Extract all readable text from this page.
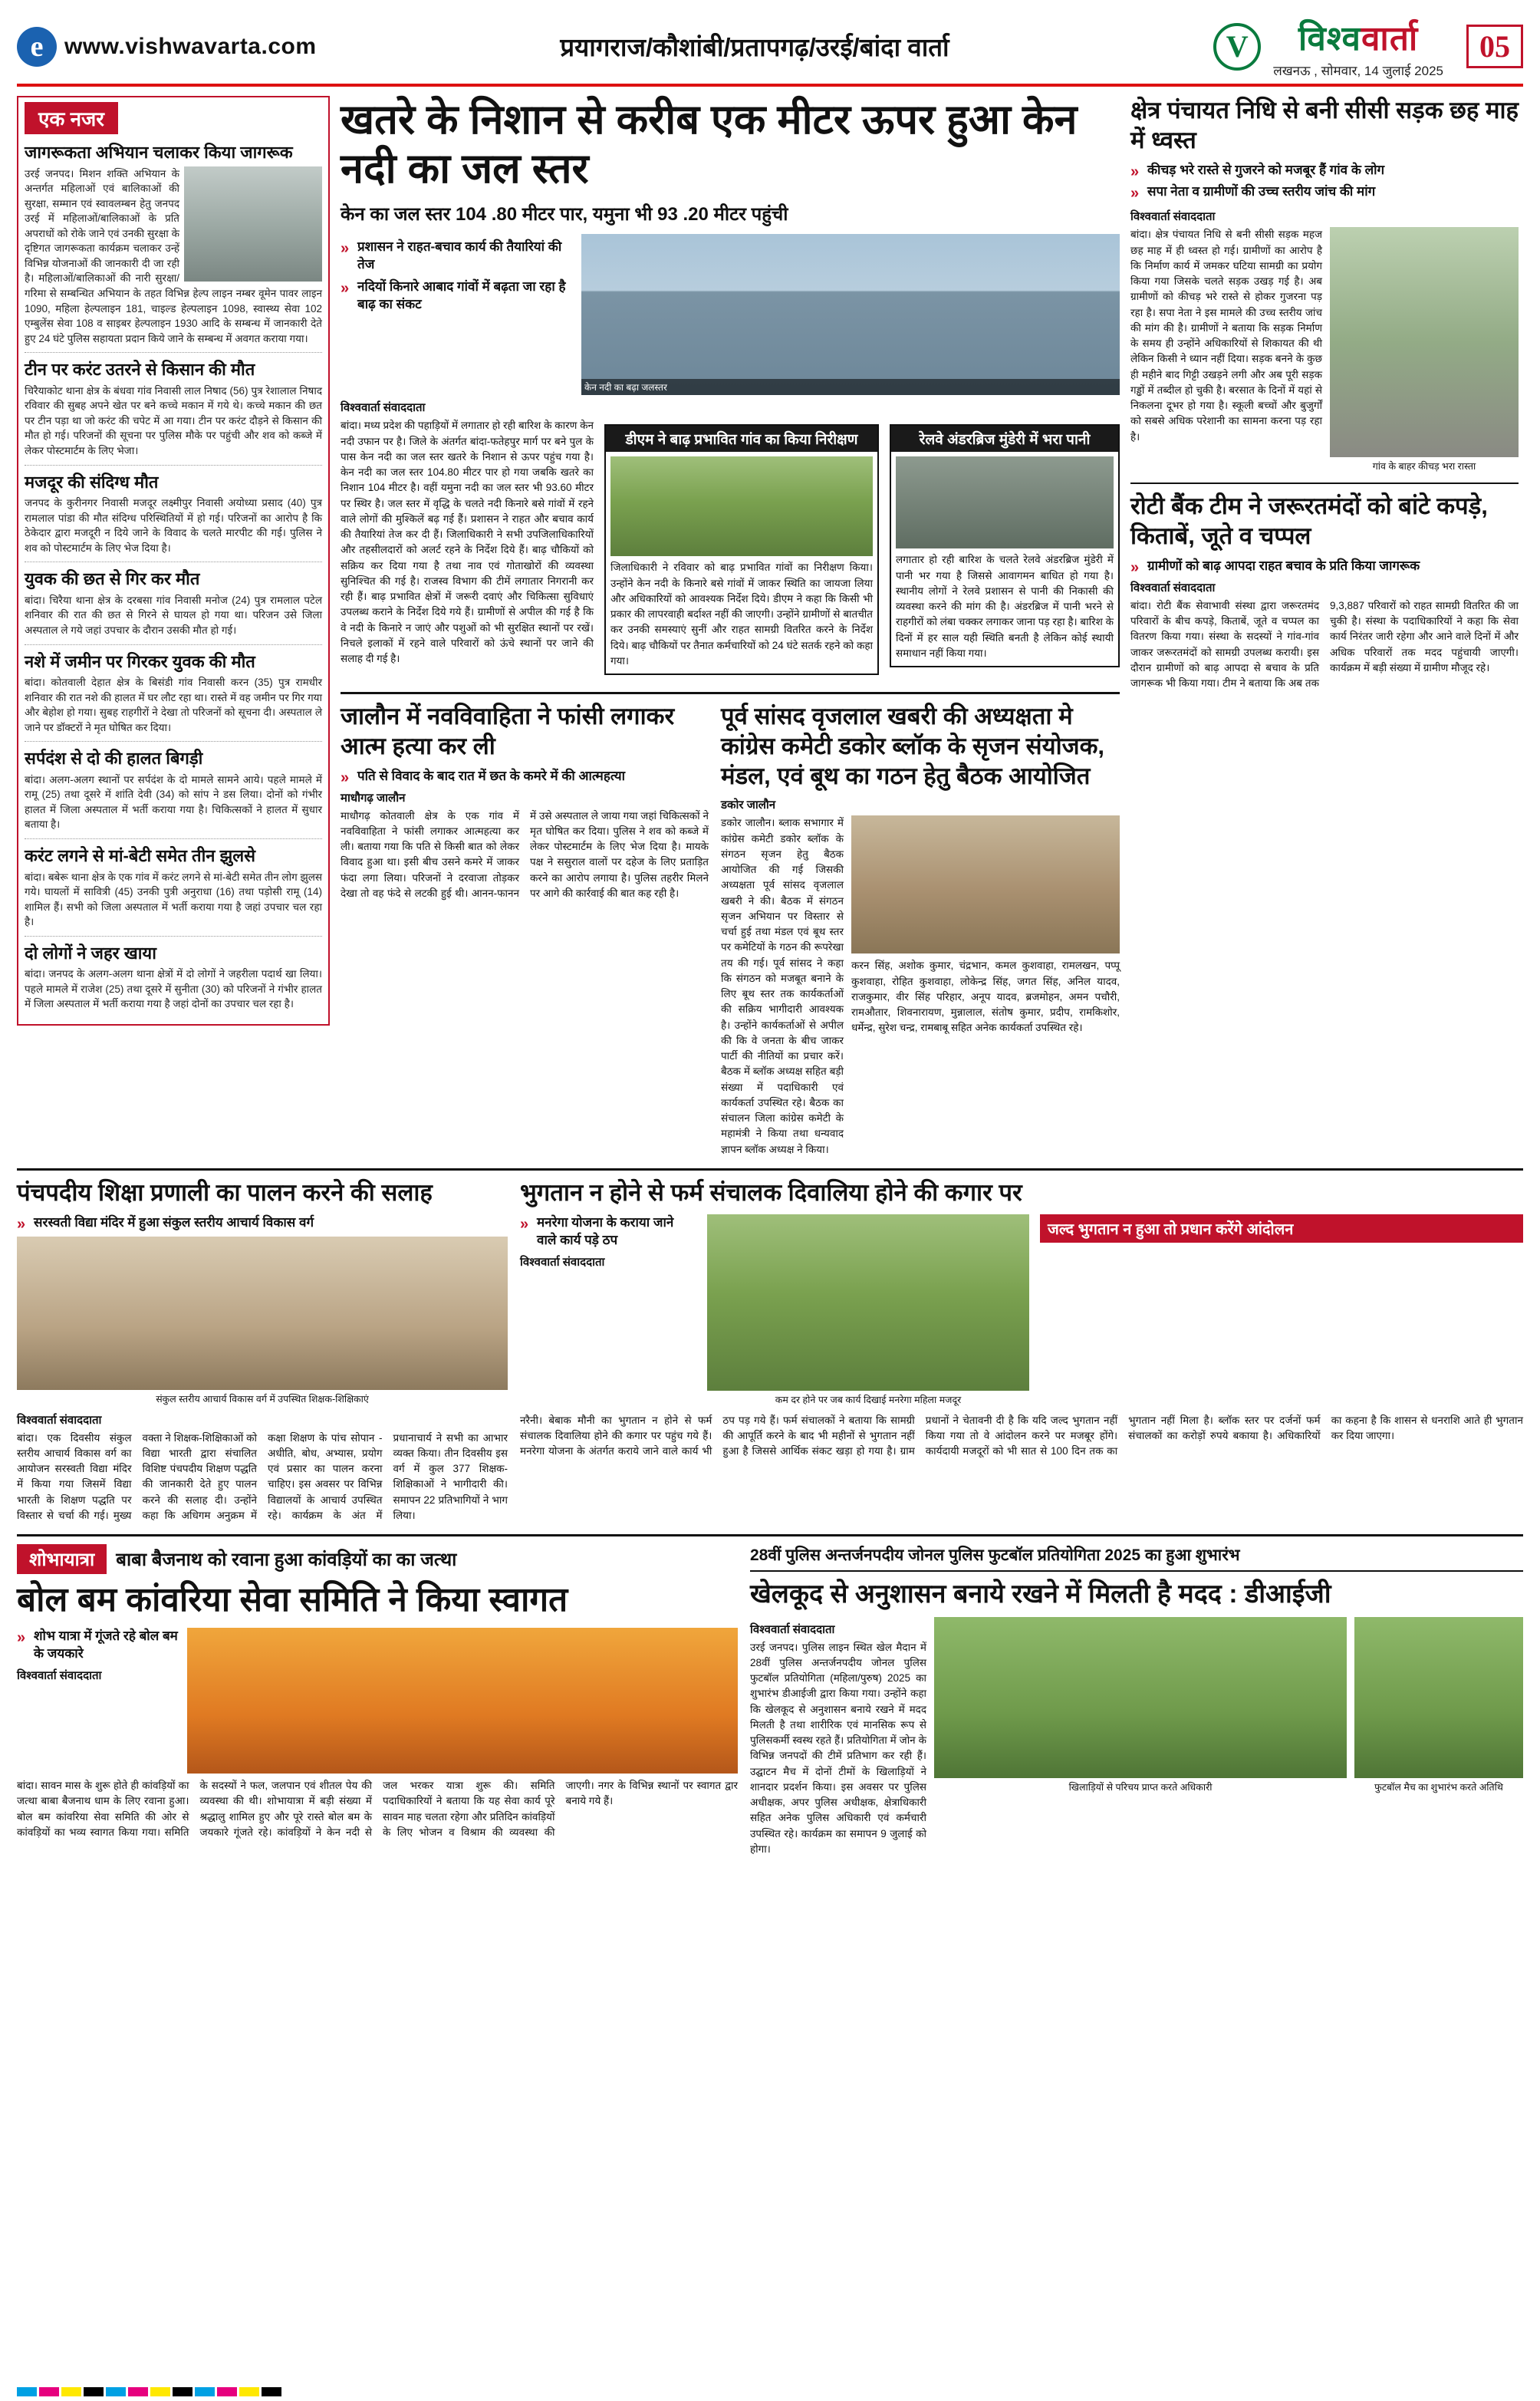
e www.vishwavarta.com	प्रयागराज/कौशांबी/प्रतापगढ़/उरई/बांदा वार्ता	V	विश्ववार्ता
लखनऊ , सोमवार, 14 जुलाई 2025
05
एक नजर
जागरूकता अभियान चलाकर किया जागरूक
उरई जनपद। मिशन शक्ति अभियान के अन्तर्गत महिलाओं एवं बालिकाओं की सुरक्षा, सम्मान एवं स्वावलम्बन हेतु जनपद उरई में महिलाओं/बालिकाओं के प्रति अपराधों को रोके जाने एवं उनकी सुरक्षा के दृष्टिगत जागरूकता कार्यक्रम चलाकर उन्हें विभिन्न योजनाओं की जानकारी दी जा रही है। महिलाओं/बालिकाओं की नारी सुरक्षा/गरिमा से सम्बन्धित अभियान के तहत विभिन्न हेल्प लाइन नम्बर वूमेन पावर लाइन 1090, महिला हेल्पलाइन 181, चाइल्ड हेल्पलाइन 1098, स्वास्थ्य सेवा 102 एम्बुलेंस सेवा 108 व साइबर हेल्पलाइन 1930 आदि के सम्बन्ध में जानकारी देते हुए 24 घंटे पुलिस सहायता प्रदान किये जाने के सम्बन्ध में अवगत कराया गया।
टीन पर करंट उतरने से किसान की मौत
चिरैयाकोट थाना क्षेत्र के बंधवा गांव निवासी लाल निषाद (56) पुत्र रेशालाल निषाद रविवार की सुबह अपने खेत पर बने कच्चे मकान में गये थे। कच्चे मकान की छत पर टीन पड़ा था जो करंट की चपेट में आ गया। टीन पर करंट दौड़ने से किसान की मौत हो गई। परिजनों की सूचना पर पुलिस मौके पर पहुंची और शव को कब्जे में लेकर पोस्टमार्टम के लिए भेजा।
मजदूर की संदिग्ध मौत
जनपद के कुरीनगर निवासी मजदूर लक्ष्मीपुर निवासी अयोध्या प्रसाद (40) पुत्र रामलाल पांडा की मौत संदिग्ध परिस्थितियों में हो गई। परिजनों का आरोप है कि ठेकेदार द्वारा मजदूरी न दिये जाने के विवाद के चलते मारपीट की गई। पुलिस ने शव को पोस्टमार्टम के लिए भेज दिया है।
युवक की छत से गिर कर मौत
बांदा। चिरैया थाना क्षेत्र के दरबसा गांव निवासी मनोज (24) पुत्र रामलाल पटेल शनिवार की रात की छत से गिरने से घायल हो गया था। परिजन उसे जिला अस्पताल ले गये जहां उपचार के दौरान उसकी मौत हो गई।
नशे में जमीन पर गिरकर युवक की मौत
बांदा। कोतवाली देहात क्षेत्र के बिसंडी गांव निवासी करन (35) पुत्र रामधीर शनिवार की रात नशे की हालत में घर लौट रहा था। रास्ते में वह जमीन पर गिर गया और बेहोश हो गया। सुबह राहगीरों ने देखा तो परिजनों को सूचना दी। अस्पताल ले जाने पर डॉक्टरों ने मृत घोषित कर दिया।
सर्पदंश से दो की हालत बिगड़ी
बांदा। अलग-अलग स्थानों पर सर्पदंश के दो मामले सामने आये। पहले मामले में रामू (25) तथा दूसरे में शांति देवी (34) को सांप ने डस लिया। दोनों को गंभीर हालत में जिला अस्पताल में भर्ती कराया गया है। चिकित्सकों ने हालत में सुधार बताया है।
करंट लगने से मां-बेटी समेत तीन झुलसे
बांदा। बबेरू थाना क्षेत्र के एक गांव में करंट लगने से मां-बेटी समेत तीन लोग झुलस गये। घायलों में सावित्री (45) उनकी पुत्री अनुराधा (16) तथा पड़ोसी रामू (14) शामिल हैं। सभी को जिला अस्पताल में भर्ती कराया गया है जहां उपचार चल रहा है।
दो लोगों ने जहर खाया
बांदा। जनपद के अलग-अलग थाना क्षेत्रों में दो लोगों ने जहरीला पदार्थ खा लिया। पहले मामले में राजेश (25) तथा दूसरे में सुनीता (30) को परिजनों ने गंभीर हालत में जिला अस्पताल में भर्ती कराया गया है जहां दोनों का उपचार चल रहा है।
खतरे के निशान से करीब एक मीटर ऊपर हुआ केन नदी का जल स्तर
केन का जल स्तर 104 .80 मीटर पार, यमुना भी 93 .20 मीटर पहुंची
» प्रशासन ने राहत-बचाव कार्य की तैयारियां की तेज
» नदियों किनारे आबाद गांवों में बढ़ता जा रहा है बाढ़ का संकट
केन नदी का बढ़ा जलस्तर
विश्ववार्ता संवाददाता
बांदा। मध्य प्रदेश की पहाड़ियों में लगातार हो रही बारिश के कारण केन नदी उफान पर है। जिले के अंतर्गत बांदा-फतेहपुर मार्ग पर बने पुल के पास केन नदी का जल स्तर खतरे के निशान से ऊपर पहुंच गया है। केन नदी का जल स्तर 104.80 मीटर पार हो गया जबकि खतरे का निशान 104 मीटर है। वहीं यमुना नदी का जल स्तर भी 93.60 मीटर पर स्थिर है। जल स्तर में वृद्धि के चलते नदी किनारे बसे गांवों में रहने वाले लोगों की मुश्किलें बढ़ गई हैं। प्रशासन ने राहत और बचाव कार्य की तैयारियां तेज कर दी हैं। जिलाधिकारी ने सभी उपजिलाधिकारियों और तहसीलदारों को अलर्ट रहने के निर्देश दिये हैं। बाढ़ चौकियों को सक्रिय कर दिया गया है तथा नाव एवं गोताखोरों की व्यवस्था सुनिश्चित की गई है। राजस्व विभाग की टीमें लगातार निगरानी कर रही हैं। बाढ़ प्रभावित क्षेत्रों में जरूरी दवाएं और चिकित्सा सुविधाएं उपलब्ध कराने के निर्देश दिये गये हैं। ग्रामीणों से अपील की गई है कि वे नदी के किनारे न जाएं और पशुओं को भी सुरक्षित स्थानों पर रखें। निचले इलाकों में रहने वाले परिवारों को ऊंचे स्थानों पर जाने की सलाह दी गई है।
डीएम ने बाढ़ प्रभावित गांव का किया निरीक्षण
जिलाधिकारी ने रविवार को बाढ़ प्रभावित गांवों का निरीक्षण किया। उन्होंने केन नदी के किनारे बसे गांवों में जाकर स्थिति का जायजा लिया और अधिकारियों को आवश्यक निर्देश दिये। डीएम ने कहा कि किसी भी प्रकार की लापरवाही बर्दाश्त नहीं की जाएगी। उन्होंने ग्रामीणों से बातचीत कर उनकी समस्याएं सुनीं और राहत सामग्री वितरित करने के निर्देश दिये। बाढ़ चौकियों पर तैनात कर्मचारियों को 24 घंटे सतर्क रहने को कहा गया।
रेलवे अंडरब्रिज मुंडेरी में भरा पानी
लगातार हो रही बारिश के चलते रेलवे अंडरब्रिज मुंडेरी में पानी भर गया है जिससे आवागमन बाधित हो गया है। स्थानीय लोगों ने रेलवे प्रशासन से पानी की निकासी की व्यवस्था करने की मांग की है। अंडरब्रिज में पानी भरने से राहगीरों को लंबा चक्कर लगाकर जाना पड़ रहा है। बारिश के दिनों में हर साल यही स्थिति बनती है लेकिन कोई स्थायी समाधान नहीं किया गया।
जालौन में नवविवाहिता ने फांसी लगाकर आत्म हत्या कर ली
» पति से विवाद के बाद रात में छत के कमरे में की आत्महत्या
माधौगढ़ जालौन
माधौगढ़ कोतवाली क्षेत्र के एक गांव में नवविवाहिता ने फांसी लगाकर आत्महत्या कर ली। बताया गया कि पति से किसी बात को लेकर विवाद हुआ था। इसी बीच उसने कमरे में जाकर फंदा लगा लिया। परिजनों ने दरवाजा तोड़कर देखा तो वह फंदे से लटकी हुई थी। आनन-फानन में उसे अस्पताल ले जाया गया जहां चिकित्सकों ने मृत घोषित कर दिया। पुलिस ने शव को कब्जे में लेकर पोस्टमार्टम के लिए भेज दिया है। मायके पक्ष ने ससुराल वालों पर दहेज के लिए प्रताड़ित करने का आरोप लगाया है। पुलिस तहरीर मिलने पर आगे की कार्रवाई की बात कह रही है।
पूर्व सांसद वृजलाल खबरी की अध्यक्षता मे कांग्रेस कमेटी डकोर ब्लॉक के सृजन संयोजक, मंडल, एवं बूथ का गठन हेतु बैठक आयोजित
डकोर जालौन
डकोर जालौन। ब्लाक सभागार में कांग्रेस कमेटी डकोर ब्लॉक के संगठन सृजन हेतु बैठक आयोजित की गई जिसकी अध्यक्षता पूर्व सांसद वृजलाल खबरी ने की। बैठक में संगठन सृजन अभियान पर विस्तार से चर्चा हुई तथा मंडल एवं बूथ स्तर पर कमेटियों के गठन की रूपरेखा तय की गई। पूर्व सांसद ने कहा कि संगठन को मजबूत बनाने के लिए बूथ स्तर तक कार्यकर्ताओं की सक्रिय भागीदारी आवश्यक है। उन्होंने कार्यकर्ताओं से अपील की कि वे जनता के बीच जाकर पार्टी की नीतियों का प्रचार करें। बैठक में ब्लॉक अध्यक्ष सहित बड़ी संख्या में पदाधिकारी एवं कार्यकर्ता उपस्थित रहे। बैठक का संचालन जिला कांग्रेस कमेटी के महामंत्री ने किया तथा धन्यवाद ज्ञापन ब्लॉक अध्यक्ष ने किया।
करन सिंह, अशोक कुमार, चंद्रभान, कमल कुशवाहा, रामलखन, पप्पू कुशवाहा, रोहित कुशवाहा, लोकेन्द्र सिंह, जगत सिंह, अनिल यादव, राजकुमार, वीर सिंह परिहार, अनूप यादव, ब्रजमोहन, अमन पचौरी, रामऔतार, शिवनारायण, मुन्नालाल, संतोष कुमार, प्रदीप, रामकिशोर, धर्मेन्द्र, सुरेश चन्द्र, रामबाबू सहित अनेक कार्यकर्ता उपस्थित रहे।
क्षेत्र पंचायत निधि से बनी सीसी सड़क छह माह में ध्वस्त
» कीचड़ भरे रास्ते से गुजरने को मजबूर हैं गांव के लोग
» सपा नेता व ग्रामीणों की उच्च स्तरीय जांच की मांग
विश्ववार्ता संवाददाता
बांदा। क्षेत्र पंचायत निधि से बनी सीसी सड़क महज छह माह में ही ध्वस्त हो गई। ग्रामीणों का आरोप है कि निर्माण कार्य में जमकर घटिया सामग्री का प्रयोग किया गया जिसके चलते सड़क उखड़ गई है। अब ग्रामीणों को कीचड़ भरे रास्ते से होकर गुजरना पड़ रहा है। सपा नेता ने इस मामले की उच्च स्तरीय जांच की मांग की है। ग्रामीणों ने बताया कि सड़क निर्माण के समय ही उन्होंने अधिकारियों से शिकायत की थी लेकिन किसी ने ध्यान नहीं दिया। सड़क बनने के कुछ ही महीने बाद गिट्टी उखड़ने लगी और अब पूरी सड़क गड्ढों में तब्दील हो चुकी है। बरसात के दिनों में यहां से निकलना दूभर हो गया है। स्कूली बच्चों और बुजुर्गों को सबसे अधिक परेशानी का सामना करना पड़ रहा है।
गांव के बाहर कीचड़ भरा रास्ता
रोटी बैंक टीम ने जरूरतमंदों को बांटे कपड़े, किताबें, जूते व चप्पल
» ग्रामीणों को बाढ़ आपदा राहत बचाव के प्रति किया जागरूक
विश्ववार्ता संवाददाता
बांदा। रोटी बैंक सेवाभावी संस्था द्वारा जरूरतमंद परिवारों के बीच कपड़े, किताबें, जूते व चप्पल का वितरण किया गया। संस्था के सदस्यों ने गांव-गांव जाकर जरूरतमंदों को सामग्री उपलब्ध करायी। इस दौरान ग्रामीणों को बाढ़ आपदा से बचाव के प्रति जागरूक भी किया गया। टीम ने बताया कि अब तक 9,3,887 परिवारों को राहत सामग्री वितरित की जा चुकी है। संस्था के पदाधिकारियों ने कहा कि सेवा कार्य निरंतर जारी रहेगा और आने वाले दिनों में और अधिक परिवारों तक मदद पहुंचायी जाएगी। कार्यक्रम में बड़ी संख्या में ग्रामीण मौजूद रहे।
पंचपदीय शिक्षा प्रणाली का पालन करने की सलाह
» सरस्वती विद्या मंदिर में हुआ संकुल स्तरीय आचार्य विकास वर्ग
संकुल स्तरीय आचार्य विकास वर्ग में उपस्थित शिक्षक-शिक्षिकाएं
विश्ववार्ता संवाददाता
बांदा। एक दिवसीय संकुल स्तरीय आचार्य विकास वर्ग का आयोजन सरस्वती विद्या मंदिर में किया गया जिसमें विद्या भारती के शिक्षण पद्धति पर विस्तार से चर्चा की गई। मुख्य वक्ता ने शिक्षक-शिक्षिकाओं को विद्या भारती द्वारा संचालित विशिष्ट पंचपदीय शिक्षण पद्धति की जानकारी देते हुए पालन करने की सलाह दी। उन्होंने कहा कि अधिगम अनुक्रम में कक्षा शिक्षण के पांच सोपान - अधीति, बोध, अभ्यास, प्रयोग एवं प्रसार का पालन करना चाहिए। इस अवसर पर विभिन्न विद्यालयों के आचार्य उपस्थित रहे। कार्यक्रम के अंत में प्रधानाचार्य ने सभी का आभार व्यक्त किया। तीन दिवसीय इस वर्ग में कुल 377 शिक्षक-शिक्षिकाओं ने भागीदारी की। समापन 22 प्रतिभागियों ने भाग लिया।
भुगतान न होने से फर्म संचालक दिवालिया होने की कगार पर
» मनरेगा योजना के कराया जाने वाले कार्य पड़े ठप
विश्ववार्ता संवाददाता
कम दर होने पर जब कार्य दिखाई मनरेगा महिला मजदूर
जल्द भुगतान न हुआ तो प्रधान करेंगे आंदोलन
नरैनी। बेबाक मौनी का भुगतान न होने से फर्म संचालक दिवालिया होने की कगार पर पहुंच गये हैं। मनरेगा योजना के अंतर्गत कराये जाने वाले कार्य भी ठप पड़ गये हैं। फर्म संचालकों ने बताया कि सामग्री की आपूर्ति करने के बाद भी महीनों से भुगतान नहीं हुआ है जिससे आर्थिक संकट खड़ा हो गया है। ग्राम प्रधानों ने चेतावनी दी है कि यदि जल्द भुगतान नहीं किया गया तो वे आंदोलन करने पर मजबूर होंगे। कार्यदायी मजदूरों को भी सात से 100 दिन तक का भुगतान नहीं मिला है। ब्लॉक स्तर पर दर्जनों फर्म संचालकों का करोड़ों रुपये बकाया है। अधिकारियों का कहना है कि शासन से धनराशि आते ही भुगतान कर दिया जाएगा।
शोभायात्रा	बाबा बैजनाथ को रवाना हुआ कांवड़ियों का का जत्था
बोल बम कांवरिया सेवा समिति ने किया स्वागत
» शोभ यात्रा में गूंजते रहे बोल बम के जयकारे
विश्ववार्ता संवाददाता
बांदा। सावन मास के शुरू होते ही कांवड़ियों का जत्था बाबा बैजनाथ धाम के लिए रवाना हुआ। बोल बम कांवरिया सेवा समिति की ओर से कांवड़ियों का भव्य स्वागत किया गया। समिति के सदस्यों ने फल, जलपान एवं शीतल पेय की व्यवस्था की थी। शोभायात्रा में बड़ी संख्या में श्रद्धालु शामिल हुए और पूरे रास्ते बोल बम के जयकारे गूंजते रहे। कांवड़ियों ने केन नदी से जल भरकर यात्रा शुरू की। समिति पदाधिकारियों ने बताया कि यह सेवा कार्य पूरे सावन माह चलता रहेगा और प्रतिदिन कांवड़ियों के लिए भोजन व विश्राम की व्यवस्था की जाएगी। नगर के विभिन्न स्थानों पर स्वागत द्वार बनाये गये हैं।
28वीं पुलिस अन्तर्जनपदीय जोनल पुलिस फुटबॉल प्रतियोगिता 2025 का हुआ शुभारंभ
खेलकूद से अनुशासन बनाये रखने में मिलती है मदद : डीआईजी
विश्ववार्ता संवाददाता
उरई जनपद। पुलिस लाइन स्थित खेल मैदान में 28वीं पुलिस अन्तर्जनपदीय जोनल पुलिस फुटबॉल प्रतियोगिता (महिला/पुरुष) 2025 का शुभारंभ डीआईजी द्वारा किया गया। उन्होंने कहा कि खेलकूद से अनुशासन बनाये रखने में मदद मिलती है तथा शारीरिक एवं मानसिक रूप से पुलिसकर्मी स्वस्थ रहते हैं। प्रतियोगिता में जोन के विभिन्न जनपदों की टीमें प्रतिभाग कर रही हैं। उद्घाटन मैच में दोनों टीमों के खिलाड़ियों ने शानदार प्रदर्शन किया। इस अवसर पर पुलिस अधीक्षक, अपर पुलिस अधीक्षक, क्षेत्राधिकारी सहित अनेक पुलिस अधिकारी एवं कर्मचारी उपस्थित रहे। कार्यक्रम का समापन 9 जुलाई को होगा।
खिलाड़ियों से परिचय प्राप्त करते अधिकारी	फुटबॉल मैच का शुभारंभ करते अतिथि
